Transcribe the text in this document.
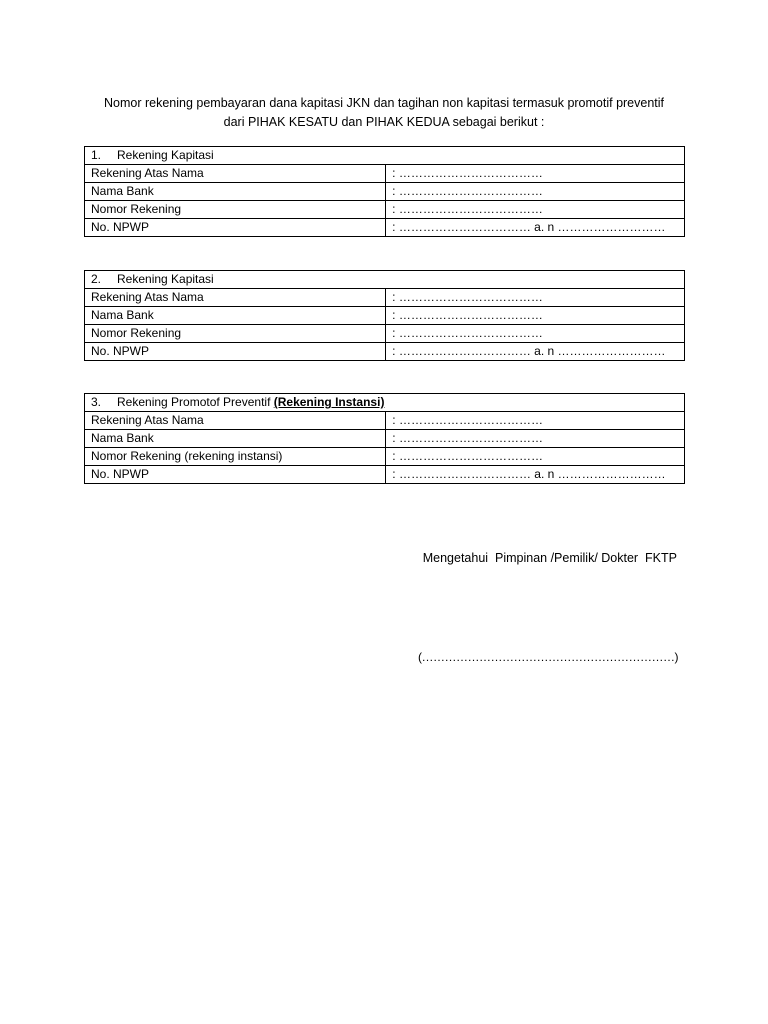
Nomor rekening pembayaran dana kapitasi JKN dan tagihan non kapitasi termasuk promotif preventif
dari PIHAK KESATU dan PIHAK KEDUA sebagai berikut :
1. Rekening Kapitasi	
Rekening Atas Nama	: ………………………………
Nama Bank	: ………………………………
Nomor Rekening	: ………………………………
No. NPWP	: …………………………… a. n ………………………
2. Rekening Kapitasi	
Rekening Atas Nama	: ………………………………
Nama Bank	: ………………………………
Nomor Rekening	: ………………………………
No. NPWP	: …………………………… a. n ………………………
3. Rekening Promotof Preventif (Rekening Instansi)	
Rekening Atas Nama	: ………………………………
Nama Bank	: ………………………………
Nomor Rekening (rekening instansi)	: ………………………………
No. NPWP	: …………………………… a. n ………………………
Mengetahui  Pimpinan /Pemilik/ Dokter  FKTP
(…………………………………………………………)
